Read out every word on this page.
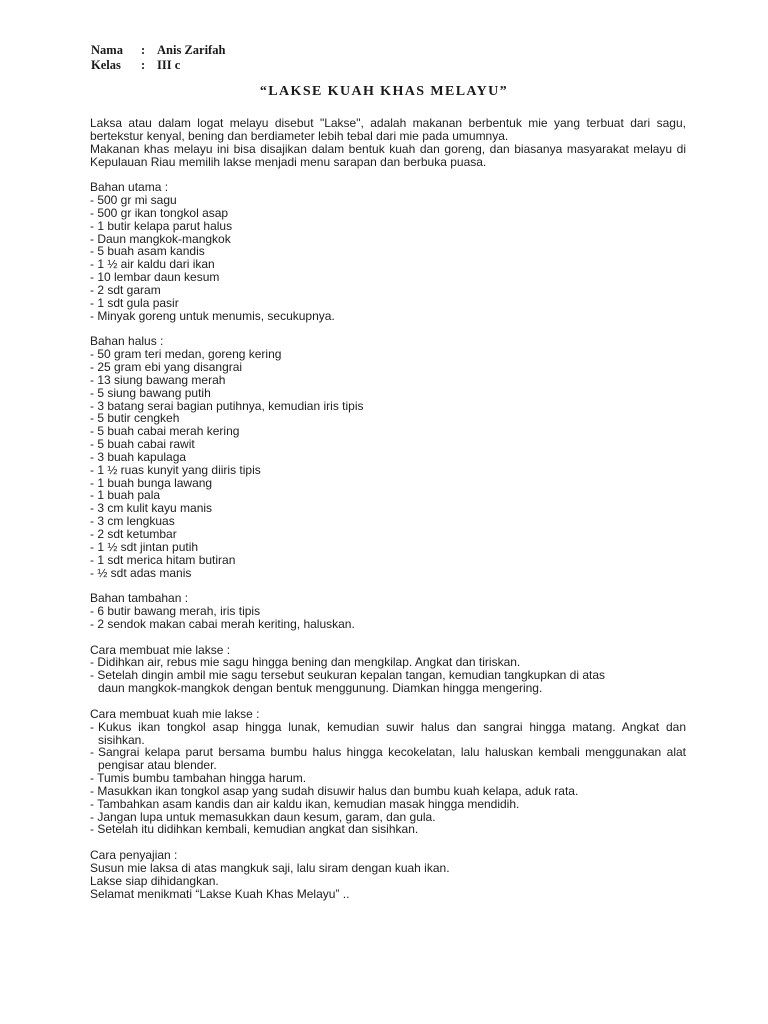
Nama	: Anis Zarifah
Kelas	: III c
“LAKSE KUAH KHAS MELAYU”

Laksa atau dalam logat melayu disebut "Lakse", adalah makanan berbentuk mie yang terbuat dari sagu, bertekstur kenyal, bening dan berdiameter lebih tebal dari mie pada umumnya.

Makanan khas melayu ini bisa disajikan dalam bentuk kuah dan goreng, dan biasanya masyarakat melayu di Kepulauan Riau memilih lakse menjadi menu sarapan dan berbuka puasa.

Bahan utama :
- 500 gr mi sagu
- 500 gr ikan tongkol asap
- 1 butir kelapa parut halus
- Daun mangkok-mangkok
- 5 buah asam kandis
- 1 ½ air kaldu dari ikan
- 10 lembar daun kesum
- 2 sdt garam
- 1 sdt gula pasir
- Minyak goreng untuk menumis, secukupnya.
Bahan halus :
- 50 gram teri medan, goreng kering
- 25 gram ebi yang disangrai
- 13 siung bawang merah
- 5 siung bawang putih
- 3 batang serai bagian putihnya, kemudian iris tipis
- 5 butir cengkeh
- 5 buah cabai merah kering
- 5 buah cabai rawit
- 3 buah kapulaga
- 1 ½ ruas kunyit yang diiris tipis
- 1 buah bunga lawang
- 1 buah pala
- 3 cm kulit kayu manis
- 3 cm lengkuas
- 2 sdt ketumbar
- 1 ½ sdt jintan putih
- 1 sdt merica hitam butiran
- ½ sdt adas manis
Bahan tambahan :
- 6 butir bawang merah, iris tipis
- 2 sendok makan cabai merah keriting, haluskan.
Cara membuat mie lakse :
- Didihkan air, rebus mie sagu hingga bening dan mengkilap. Angkat dan tiriskan.
- Setelah dingin ambil mie sagu tersebut seukuran kepalan tangan, kemudian tangkupkan di atas
daun mangkok-mangkok dengan bentuk menggunung. Diamkan hingga mengering.
Cara membuat kuah mie lakse :
- Kukus ikan tongkol asap hingga lunak, kemudian suwir halus dan sangrai hingga matang. Angkat dan sisihkan.
- Sangrai kelapa parut bersama bumbu halus hingga kecokelatan, lalu haluskan kembali menggunakan alat pengisar atau blender.
- Tumis bumbu tambahan hingga harum.
- Masukkan ikan tongkol asap yang sudah disuwir halus dan bumbu kuah kelapa, aduk rata.
- Tambahkan asam kandis dan air kaldu ikan, kemudian masak hingga mendidih.
- Jangan lupa untuk memasukkan daun kesum, garam, dan gula.
- Setelah itu didihkan kembali, kemudian angkat dan sisihkan.
Cara penyajian :
Susun mie laksa di atas mangkuk saji, lalu siram dengan kuah ikan.
Lakse siap dihidangkan.
Selamat menikmati “Lakse Kuah Khas Melayu” ..
